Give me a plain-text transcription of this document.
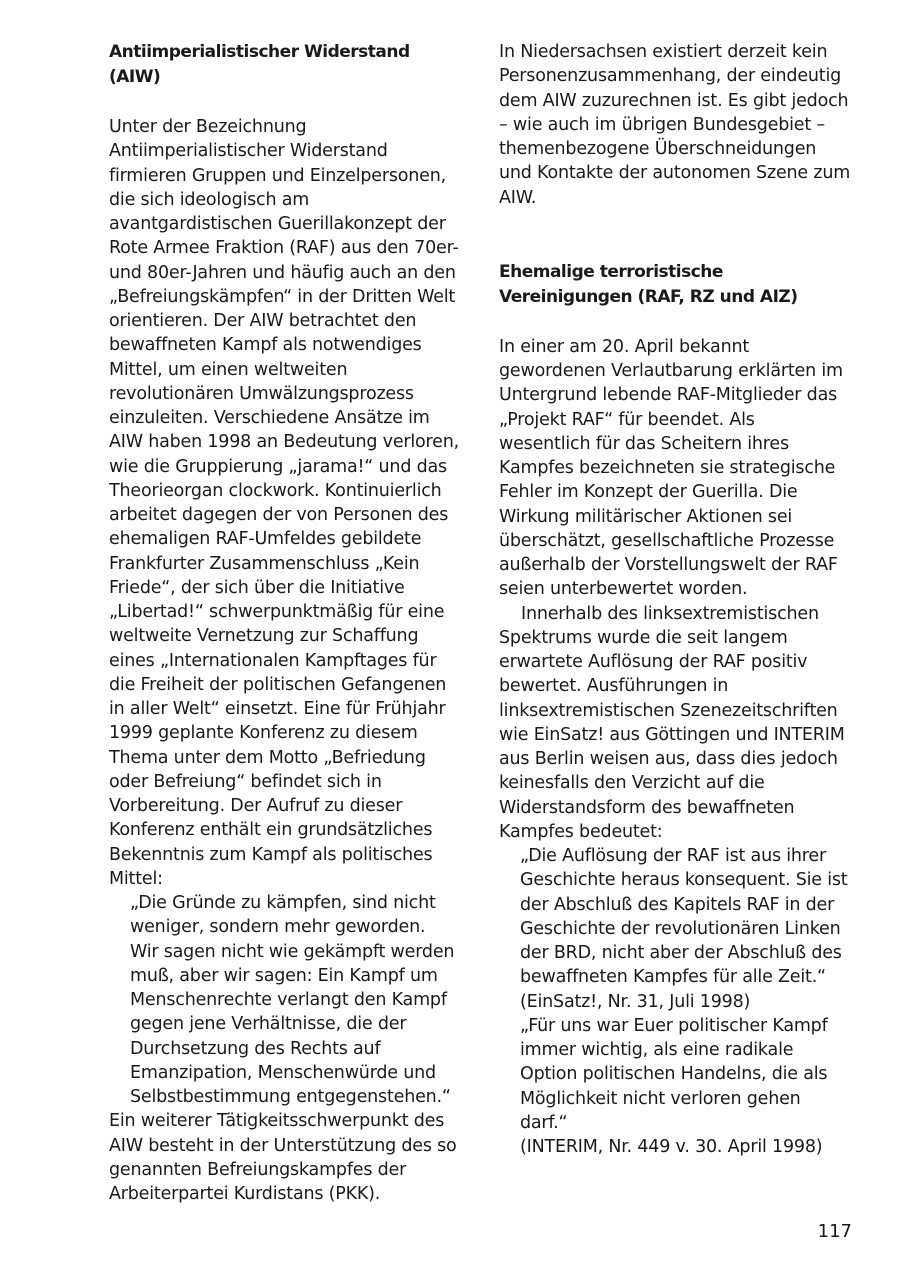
Antiimperialistischer Widerstand
(AIW)

Unter der Bezeichnung Antiimperialistischer Widerstand firmieren Gruppen und Einzelpersonen, die sich ideologisch am avantgardistischen Guerillakonzept der Rote Armee Fraktion (RAF) aus den 70er- und 80er-Jahren und häufig auch an den „Befreiungskämpfen“ in der Dritten Welt orientieren. Der AIW betrachtet den bewaffneten Kampf als notwendiges Mittel, um einen weltweiten revolutionären Umwälzungsprozess einzuleiten. Verschiedene Ansätze im AIW haben 1998 an Bedeutung verloren, wie die Gruppierung „jarama!“ und das Theorieorgan clockwork. Kontinuierlich arbeitet dagegen der von Personen des ehemaligen RAF-Umfeldes gebildete Frankfurter Zusammenschluss „Kein Friede“, der sich über die Initiative „Libertad!“ schwerpunktmäßig für eine weltweite Vernetzung zur Schaffung eines „Internationalen Kampftages für die Freiheit der politischen Gefangenen in aller Welt“ einsetzt. Eine für Frühjahr 1999 geplante Konferenz zu diesem Thema unter dem Motto „Befriedung oder Befreiung“ befindet sich in Vorbereitung. Der Aufruf zu dieser Konferenz enthält ein grundsätzliches Bekenntnis zum Kampf als politisches Mittel:

„Die Gründe zu kämpfen, sind nicht weniger, sondern mehr geworden. Wir sagen nicht wie gekämpft werden muß, aber wir sagen: Ein Kampf um Menschenrechte verlangt den Kampf gegen jene Verhältnisse, die der Durchsetzung des Rechts auf Emanzipation, Menschenwürde und Selbstbestimmung entgegenstehen.“

Ein weiterer Tätigkeitsschwerpunkt des AIW besteht in der Unterstützung des so genannten Befreiungskampfes der Arbeiterpartei Kurdistans (PKK).

In Niedersachsen existiert derzeit kein Personenzusammenhang, der eindeutig dem AIW zuzurechnen ist. Es gibt jedoch – wie auch im übrigen Bundesgebiet – themenbezogene Überschneidungen und Kontakte der autonomen Szene zum AIW.

Ehemalige terroristische Vereinigungen (RAF, RZ und AIZ)

In einer am 20. April bekannt gewordenen Verlautbarung erklärten im Untergrund lebende RAF-Mitglieder das „Projekt RAF“ für beendet. Als wesentlich für das Scheitern ihres Kampfes bezeichneten sie strategische Fehler im Konzept der Guerilla. Die Wirkung militärischer Aktionen sei überschätzt, gesellschaftliche Prozesse außerhalb der Vorstellungswelt der RAF seien unterbewertet worden.

Innerhalb des linksextremistischen Spektrums wurde die seit langem erwartete Auflösung der RAF positiv bewertet. Ausführungen in linksextremistischen Szenezeitschriften wie EinSatz! aus Göttingen und INTERIM aus Berlin weisen aus, dass dies jedoch keinesfalls den Verzicht auf die Widerstandsform des bewaffneten Kampfes bedeutet:

„Die Auflösung der RAF ist aus ihrer Geschichte heraus konsequent. Sie ist der Abschluß des Kapitels RAF in der Geschichte der revolutionären Linken der BRD, nicht aber der Abschluß des bewaffneten Kampfes für alle Zeit.“

(EinSatz!, Nr. 31, Juli 1998)

„Für uns war Euer politischer Kampf immer wichtig, als eine radikale Option politischen Handelns, die als Möglichkeit nicht verloren gehen darf.“

(INTERIM, Nr. 449 v. 30. April 1998)

117
